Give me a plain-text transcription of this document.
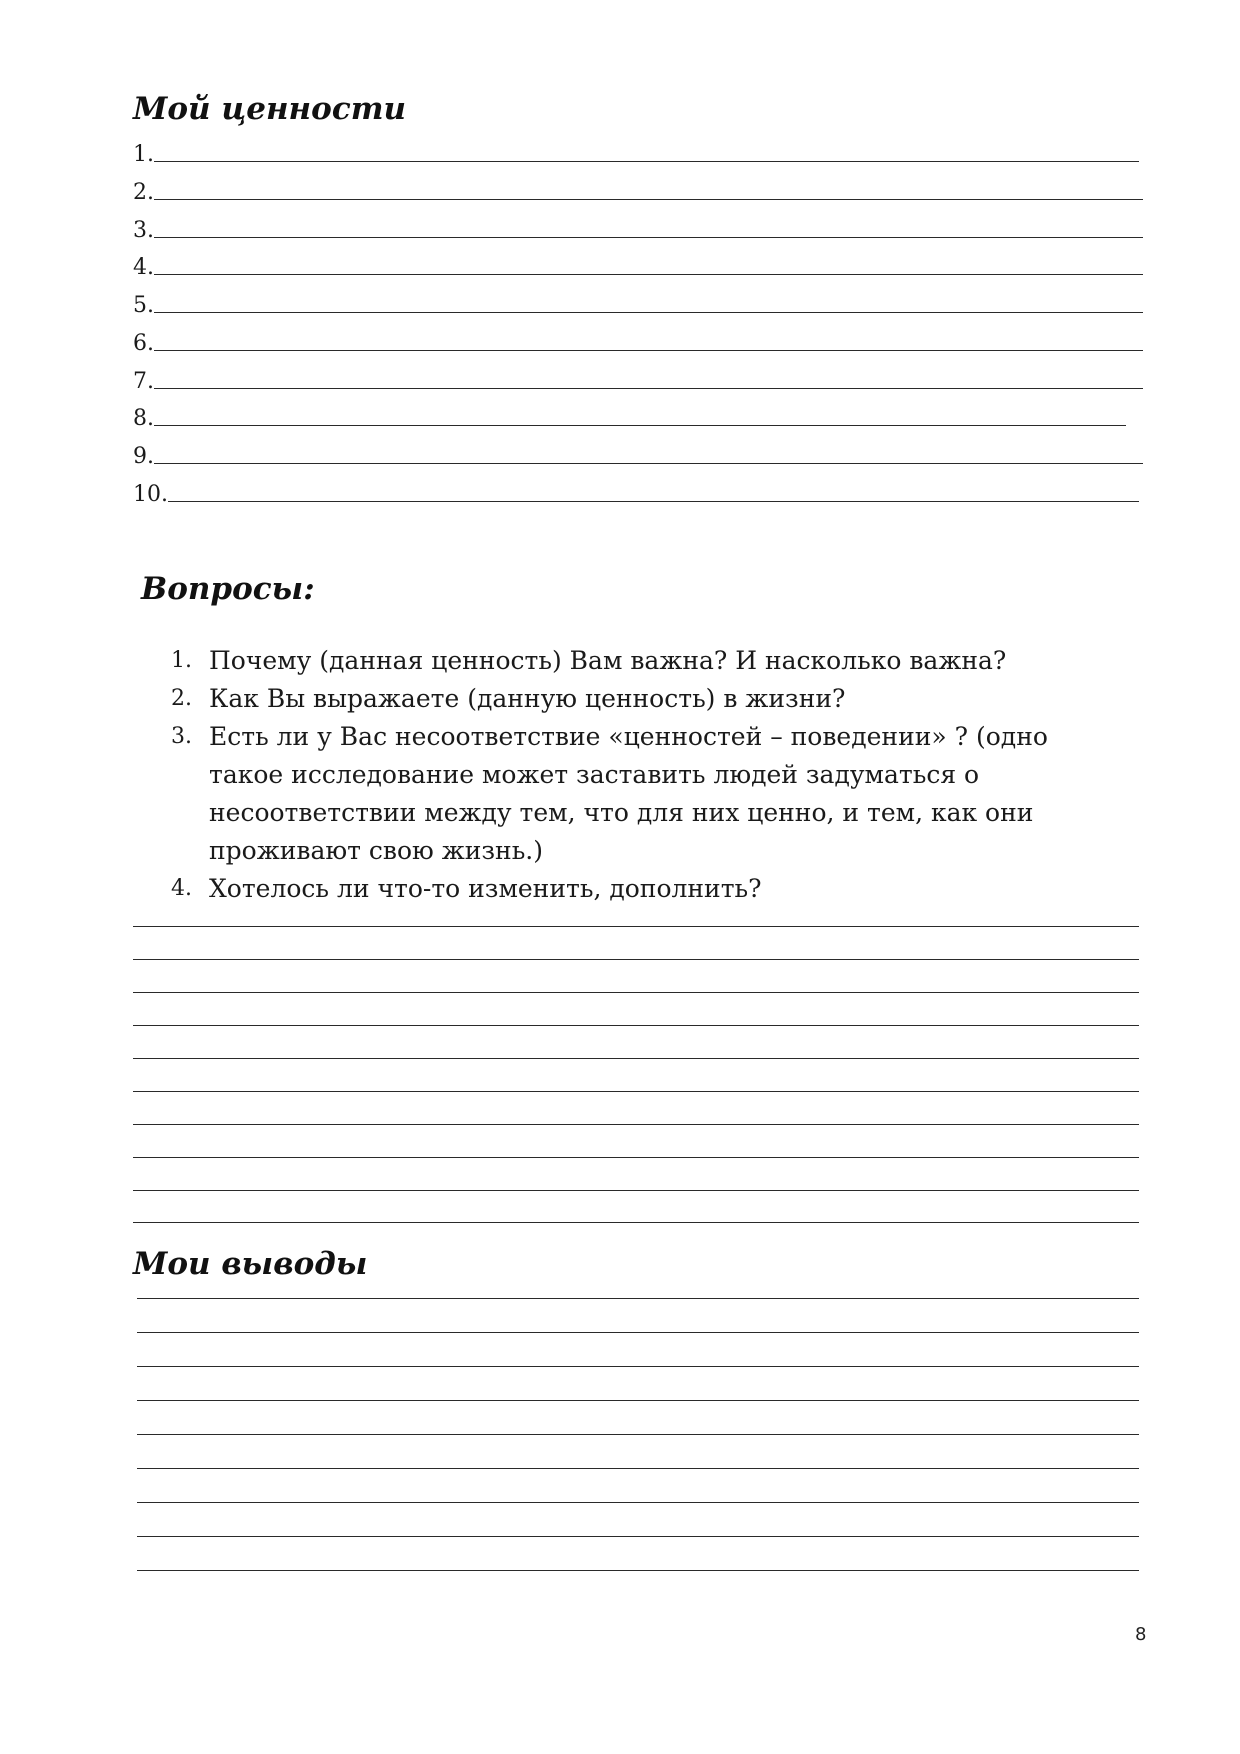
Мой ценности
1.
2.
3.
4.
5.
6.
7.
8.
9.
10.
Вопросы:
1. Почему (данная ценность) Вам важна? И насколько важна?
2. Как Вы выражаете (данную ценность) в жизни?
3. Есть ли у Вас несоответствие «ценностей – поведении» ? (одно такое исследование может заставить людей задуматься о несоответствии между тем, что для них ценно, и тем, как они проживают свою жизнь.)
4. Хотелось ли что-то изменить, дополнить?
Мои выводы
8
